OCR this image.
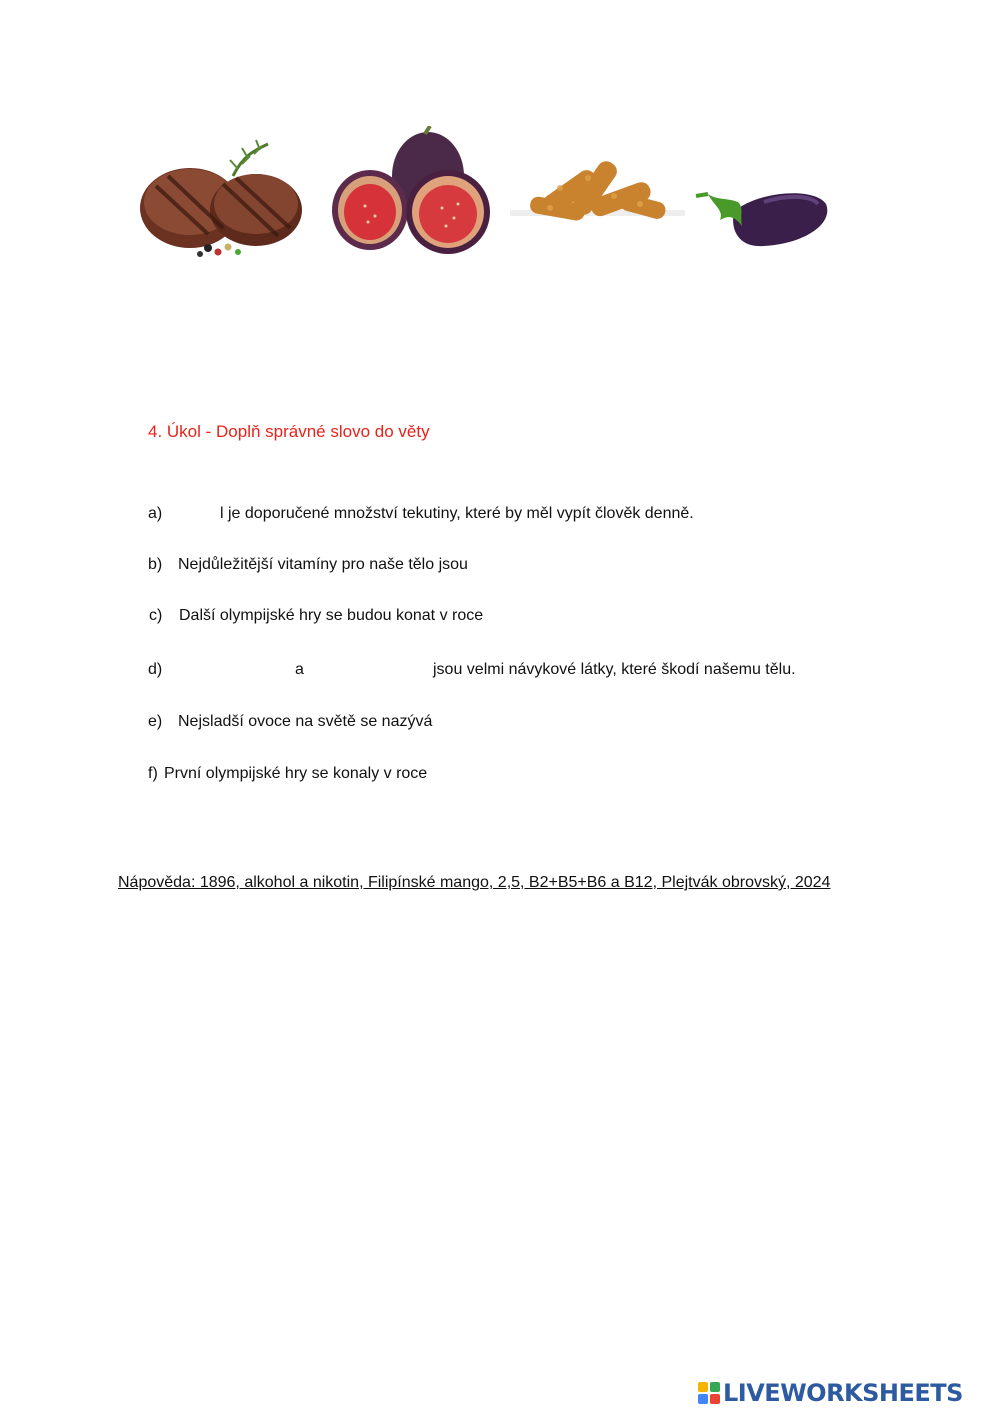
4. Úkol - Doplň správné slovo do věty
a)	l je doporučené množství tekutiny, které by měl vypít člověk denně.
b) Nejdůležitější vitamíny pro naše tělo jsou
c) Další olympijské hry se budou konat v roce
d)	a	jsou velmi návykové látky, které škodí našemu tělu.
e) Nejsladší ovoce na světě se nazývá
f) První olympijské hry se konaly v roce
Nápověda: 1896, alkohol a nikotin, Filipínské mango, 2,5, B2+B5+B6 a B12, Plejtvák obrovský, 2024
LIVEWORKSHEETS
